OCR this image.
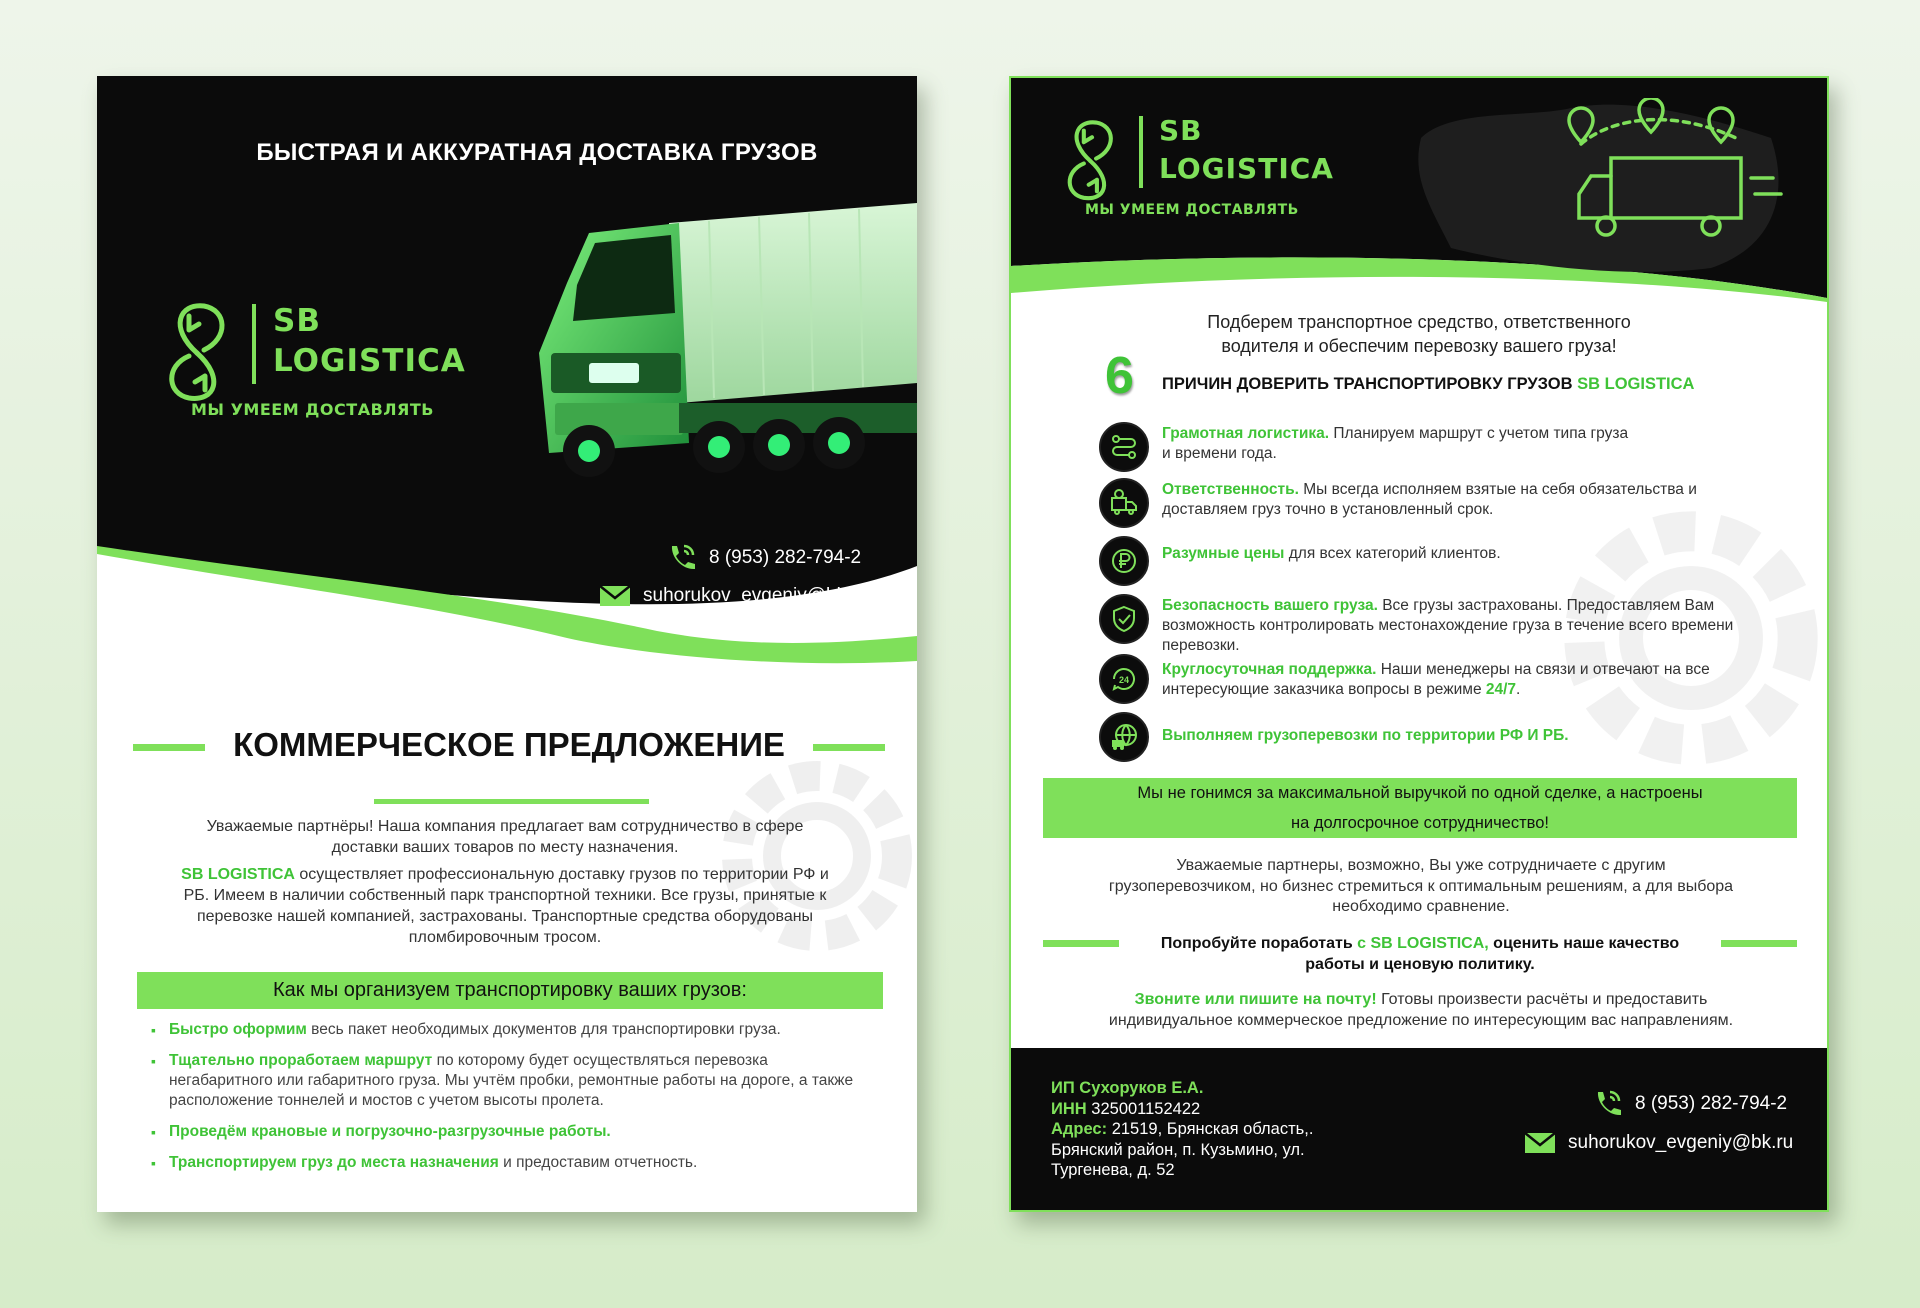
БЫСТРАЯ И АККУРАТНАЯ ДОСТАВКА ГРУЗОВ
SB
LOGISTICA
МЫ УМЕЕМ ДОСТАВЛЯТЬ
8 (953) 282-794-2
suhorukov_evgeniy@bk.ru
КОММЕРЧЕСКОЕ ПРЕДЛОЖЕНИЕ
Уважаемые партнёры! Наша компания предлагает вам сотрудничество в сфере доставки ваших товаров по месту назначения.
SB LOGISTICA осуществляет профессиональную доставку грузов по территории РФ и РБ. Имеем в наличии собственный парк транспортной техники. Все грузы, принятые к перевозке нашей компанией, застрахованы. Транспортные средства оборудованы пломбировочным тросом.
Как мы организуем транспортировку ваших грузов:
▪ Быстро оформим весь пакет необходимых документов для транспортировки груза.
▪ Тщательно проработаем маршрут по которому будет осуществляться перевозка негабаритного или габаритного груза. Мы учтём пробки, ремонтные работы на дороге, а также расположение тоннелей и мостов с учетом высоты пролета.
▪ Проведём крановые и погрузочно-разгрузочные работы.
▪ Транспортируем груз до места назначения и предоставим отчетность.
SB
LOGISTICA
МЫ УМЕЕМ ДОСТАВЛЯТЬ
Подберем транспортное средство, ответственного водителя и обеспечим перевозку вашего груза!
6 ПРИЧИН ДОВЕРИТЬ ТРАНСПОРТИРОВКУ ГРУЗОВ SB LOGISTICA
Грамотная логистика. Планируем маршрут с учетом типа груза
и времени года.
Ответственность. Мы всегда исполняем взятые на себя обязательства и доставляем груз точно в установленный срок.
Разумные цены для всех категорий клиентов.
Безопасность вашего груза. Все грузы застрахованы. Предоставляем Вам возможность контролировать местонахождение груза в течение всего времени перевозки.
24
Круглосуточная поддержка. Наши менеджеры на связи и отвечают на все интересующие заказчика вопросы в режиме 24/7.
Выполняем грузоперевозки по территории РФ И РБ.
Мы не гонимся за максимальной выручкой по одной сделке, а настроены
на долгосрочное сотрудничество!
Уважаемые партнеры, возможно, Вы уже сотрудничаете с другим грузоперевозчиком, но бизнес стремиться к оптимальным решениям, а для выбора необходимо сравнение.
Попробуйте поработать с SB LOGISTICA, оценить наше качество работы и ценовую политику.
Звоните или пишите на почту! Готовы произвести расчёты и предоставить индивидуальное коммерческое предложение по интересующим вас направлениям.
ИП Сухоруков Е.А.
ИНН 325001152422
Адрес: 21519, Брянская область,.
Брянский район, п. Кузьмино, ул.
Тургенева, д. 52
8 (953) 282-794-2
suhorukov_evgeniy@bk.ru
